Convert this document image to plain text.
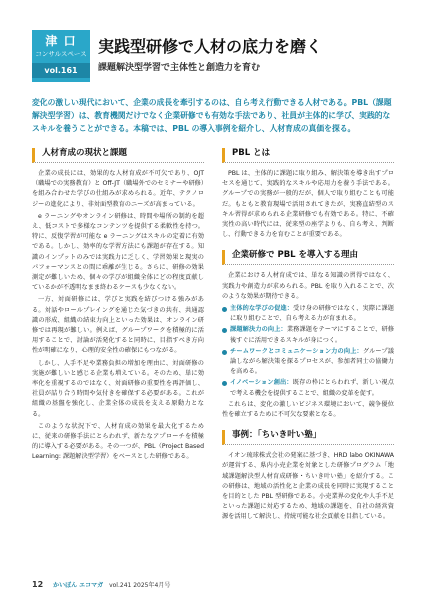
津 口
コンサルスペース
vol.161
実践型研修で人材の底力を磨く
課題解決型学習で主体性と創造力を育む
変化の激しい現代において、企業の成長を牽引するのは、自ら考え行動できる人材である。PBL（課題解決型学習）は、教育機関だけでなく企業研修でも有効な手法であり、社員が主体的に学び、実践的なスキルを養うことができる。本稿では、PBL の導入事例を紹介し、人材育成の真価を探る。
人材育成の現状と課題

企業の成長には、効果的な人材育成が不可欠であり、OJT（職場での実務教育）と Off-JT（職場外でのセミナーや研修）を組み合わせた学びの仕組みが求められる。近年、テクノロジーの進化により、非対面型教育のニーズが高まっている。

e ラーニングやオンライン研修は、時間や場所の制約を超え、低コストで多様なコンテンツを提供する柔軟性を持つ。特に、反復学習が可能な e ラーニングはスキルの定着に有効である。しかし、効率的な学習方法にも課題が存在する。知識のインプットのみでは実践力に乏しく、学習効果と現実のパフォーマンスとの間に乖離が生じる。さらに、研修の効果測定が難しいため、個々の学びが組織全体にどの程度貢献しているかが不透明なまま終わるケースも少なくない。

一方、対面研修には、学びと実践を結びつける強みがある。対話やロールプレイングを通じた気づきの共有、共通認識の形成、組織の結束力向上といった効果は、オンライン研修では再現が難しい。例えば、グループワークを積極的に活用することで、討論が活発化すると同時に、目指すべき方向性が明確になり、心理的安全性の確保にもつながる。

しかし、人手不足や業務負担の増加を理由に、対面研修の実施が難しいと感じる企業も増えている。そのため、単に効率化を重視するのではなく、対面研修の重要性を再評価し、社員が詰り合う時間や気付きを確保する必要がある。これが組織の基盤を強化し、企業全体の成長を支える原動力となる。

このような状況下で、人材育成の効果を最大化するために、従来の研修手法にとらわれず、新たなアプローチを積極的に導入する必要がある。その一つが、PBL（Project Based Learning: 課題解決型学習）をベースとした研修である。

PBL とは

PBL は、主体的に課題に取り組み、解決策を導き出すプロセスを通じて、実践的なスキルや応用力を養う手法である。グループでの実務が一般的だが、個人で取り組むことも可能だ。もともと教育現場で活用されてきたが、実務直結型のスキル習得が求められる企業研修でも有効である。特に、不確実性の高い時代には、従来型の座学よりも、自ら考え、判断し、行動できる力を育むことが重要である。

企業研修で PBL を導入する理由

企業における人材育成では、単なる知識の習得ではなく、実践力や創造力が求められる。PBL を取り入れることで、次のような効果が期待できる。

主体的な学びの促進：受け身の研修ではなく、実際に課題に取り組むことで、自ら考える力が育まれる。
課題解決力の向上：業務課題をテーマにすることで、研修後すぐに活用できるスキルが身につく。
チームワークとコミュニケーション力の向上：グループ議論しながら解決策を探るプロセスが、参加者同士の協働力を高める。
イノベーション創出：既存の枠にとらわれず、新しい視点で考える機会を提供することで、組織の変革を促す。

これらは、変化の激しいビジネス環境において、競争優位性を確立するために不可欠な要素となる。

事例：「ちいき叶い塾」

イオン琉球株式会社の発案に基づき、HRD labo OKINAWA が運営する、県内小売企業を対象とした研修プログラム「地域課題解決型人材育成研修・ちいき叶い塾」を紹介する。この研修は、地域の活性化と企業の成長を同時に実現することを目的とした PBL 型研修である。小売業界の変化や人手不足といった課題に対応するため、地域の課題を、自社の経営資源を活用して解決し、持続可能な社会貢献を目指している。

12 かいぽん エコマガ vol.241 2025年4月号
